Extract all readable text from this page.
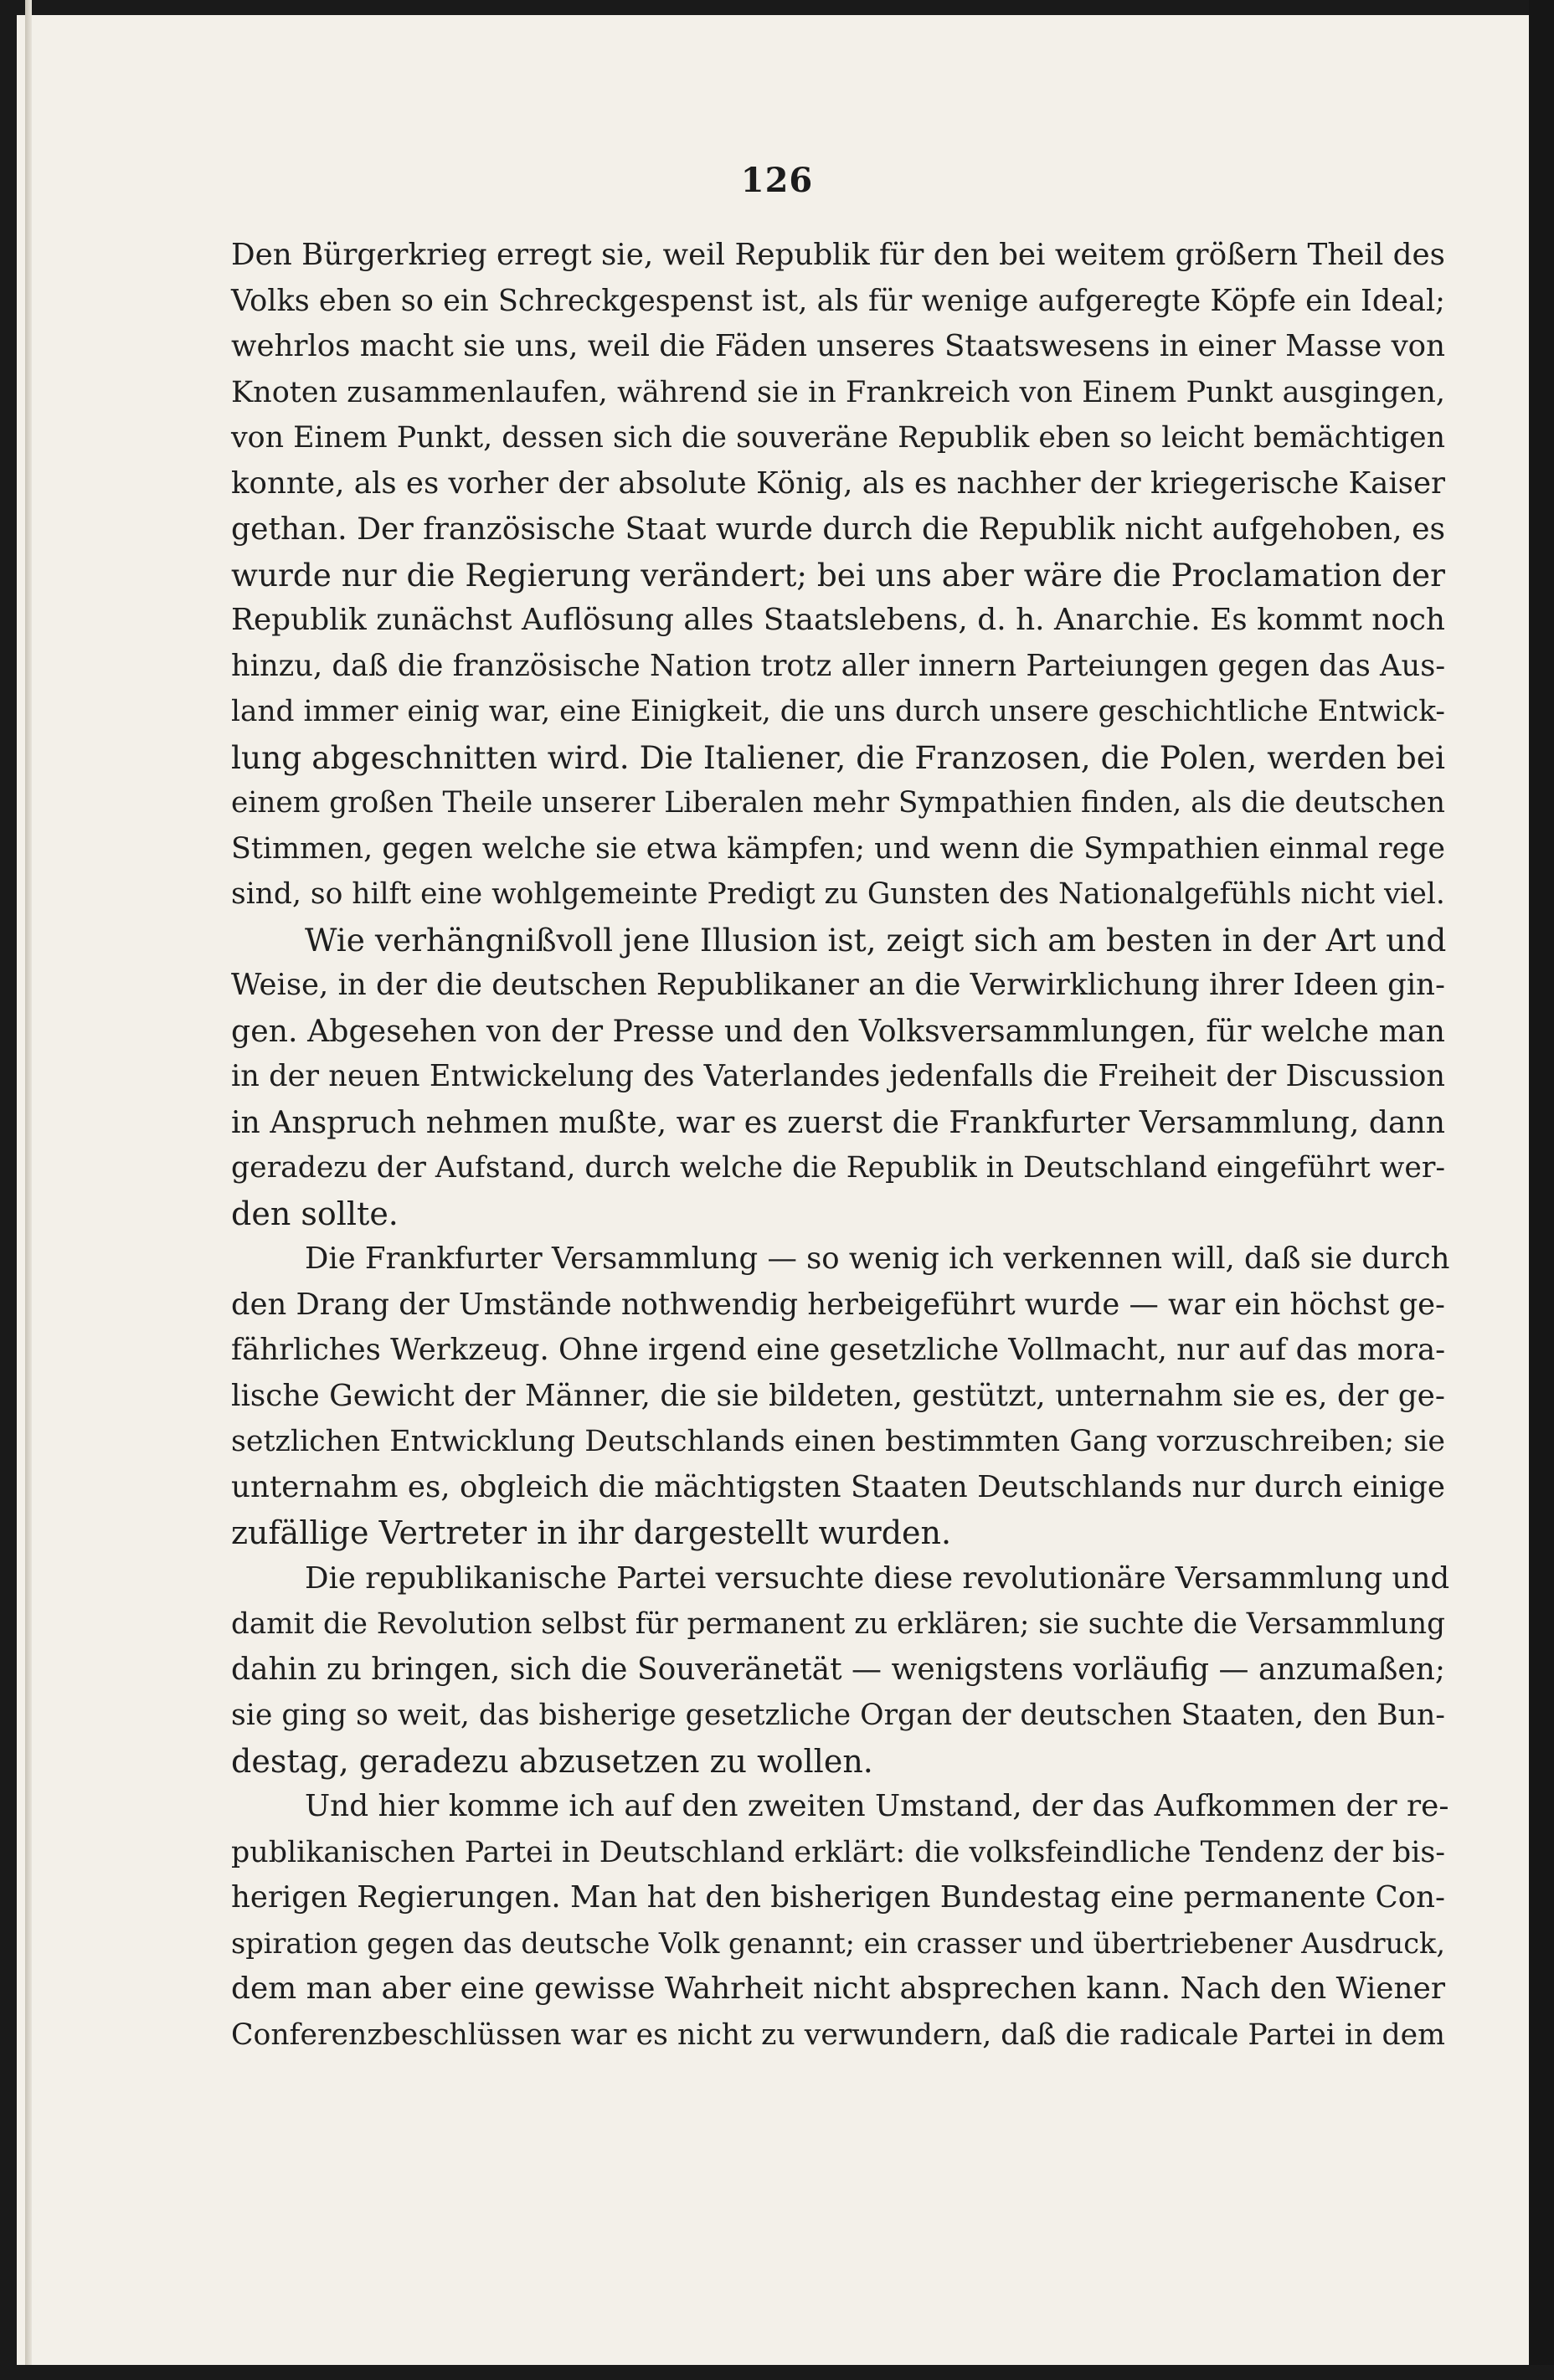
126
Den Bürgerkrieg erregt sie, weil Republik für den bei weitem größern Theil des
Volks eben so ein Schreckgespenst ist, als für wenige aufgeregte Köpfe ein Ideal;
wehrlos macht sie uns, weil die Fäden unseres Staatswesens in einer Masse von
Knoten zusammenlaufen, während sie in Frankreich von Einem Punkt ausgingen,
von Einem Punkt, dessen sich die souveräne Republik eben so leicht bemächtigen
konnte, als es vorher der absolute König, als es nachher der kriegerische Kaiser
gethan. Der französische Staat wurde durch die Republik nicht aufgehoben, es
wurde nur die Regierung verändert; bei uns aber wäre die Proclamation der
Republik zunächst Auflösung alles Staatslebens, d. h. Anarchie. Es kommt noch
hinzu, daß die französische Nation trotz aller innern Parteiungen gegen das Aus-
land immer einig war, eine Einigkeit, die uns durch unsere geschichtliche Entwick-
lung abgeschnitten wird. Die Italiener, die Franzosen, die Polen, werden bei
einem großen Theile unserer Liberalen mehr Sympathien finden, als die deutschen
Stimmen, gegen welche sie etwa kämpfen; und wenn die Sympathien einmal rege
sind, so hilft eine wohlgemeinte Predigt zu Gunsten des Nationalgefühls nicht viel.
Wie verhängnißvoll jene Illusion ist, zeigt sich am besten in der Art und
Weise, in der die deutschen Republikaner an die Verwirklichung ihrer Ideen gin-
gen. Abgesehen von der Presse und den Volksversammlungen, für welche man
in der neuen Entwickelung des Vaterlandes jedenfalls die Freiheit der Discussion
in Anspruch nehmen mußte, war es zuerst die Frankfurter Versammlung, dann
geradezu der Aufstand, durch welche die Republik in Deutschland eingeführt wer-
den sollte.
Die Frankfurter Versammlung — so wenig ich verkennen will, daß sie durch
den Drang der Umstände nothwendig herbeigeführt wurde — war ein höchst ge-
fährliches Werkzeug. Ohne irgend eine gesetzliche Vollmacht, nur auf das mora-
lische Gewicht der Männer, die sie bildeten, gestützt, unternahm sie es, der ge-
setzlichen Entwicklung Deutschlands einen bestimmten Gang vorzuschreiben; sie
unternahm es, obgleich die mächtigsten Staaten Deutschlands nur durch einige
zufällige Vertreter in ihr dargestellt wurden.
Die republikanische Partei versuchte diese revolutionäre Versammlung und
damit die Revolution selbst für permanent zu erklären; sie suchte die Versammlung
dahin zu bringen, sich die Souveränetät — wenigstens vorläufig — anzumaßen;
sie ging so weit, das bisherige gesetzliche Organ der deutschen Staaten, den Bun-
destag, geradezu abzusetzen zu wollen.
Und hier komme ich auf den zweiten Umstand, der das Aufkommen der re-
publikanischen Partei in Deutschland erklärt: die volksfeindliche Tendenz der bis-
herigen Regierungen. Man hat den bisherigen Bundestag eine permanente Con-
spiration gegen das deutsche Volk genannt; ein crasser und übertriebener Ausdruck,
dem man aber eine gewisse Wahrheit nicht absprechen kann. Nach den Wiener
Conferenzbeschlüssen war es nicht zu verwundern, daß die radicale Partei in dem
